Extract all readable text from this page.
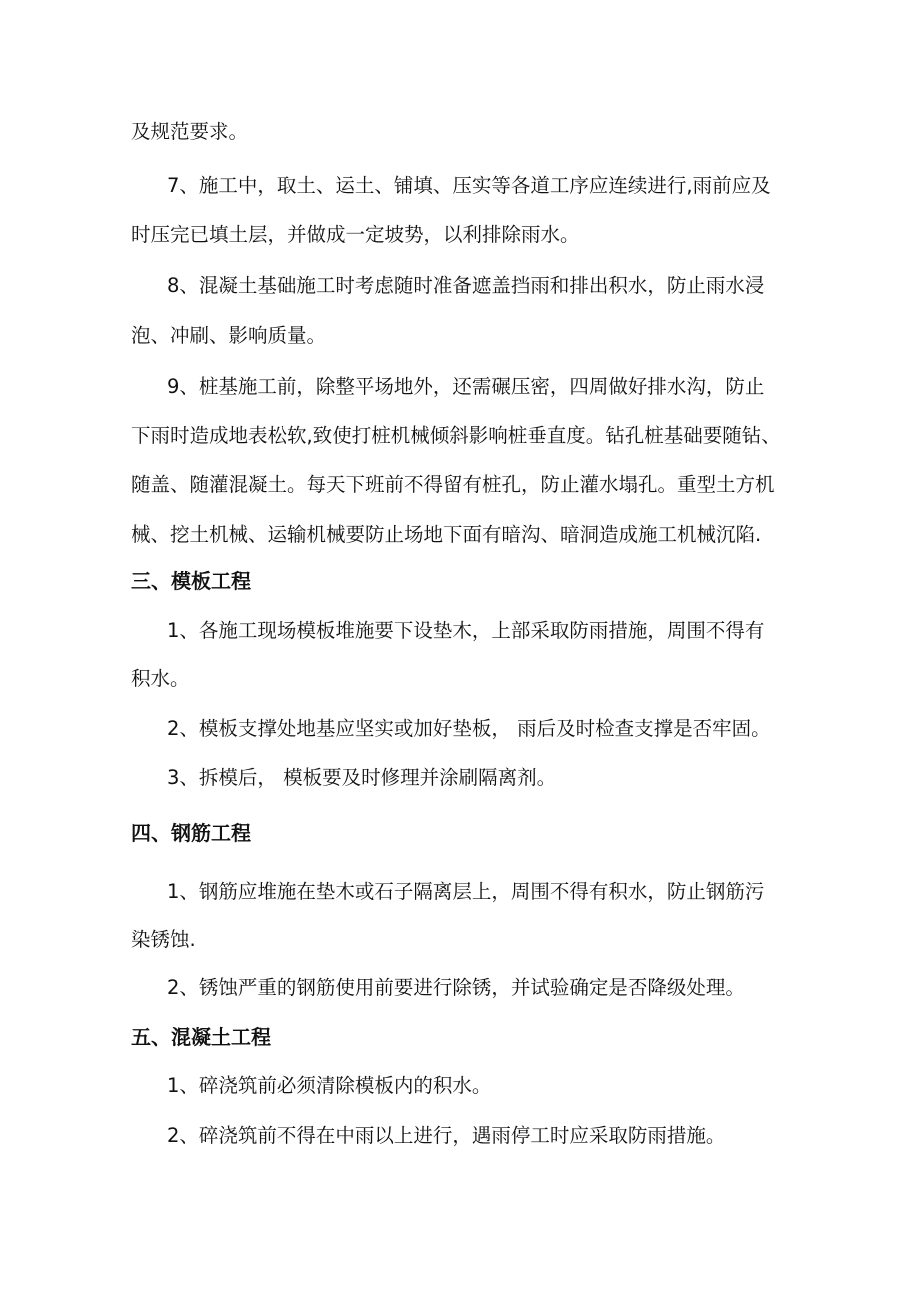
及规范要求。
7、施工中，取土、运土、铺填、压实等各道工序应连续进行,雨前应及
时压完已填土层，并做成一定坡势，以利排除雨水。
8、混凝土基础施工时考虑随时准备遮盖挡雨和排出积水，防止雨水浸
泡、冲刷、影响质量。
9、桩基施工前，除整平场地外，还需碾压密，四周做好排水沟，防止
下雨时造成地表松软,致使打桩机械倾斜影响桩垂直度。钻孔桩基础要随钻、
随盖、随灌混凝土。每天下班前不得留有桩孔，防止灌水塌孔。重型土方机
械、挖土机械、运输机械要防止场地下面有暗沟、暗洞造成施工机械沉陷.
三、模板工程
1、各施工现场模板堆施要下设垫木，上部采取防雨措施，周围不得有
积水。
2、模板支撑处地基应坚实或加好垫板， 雨后及时检查支撑是否牢固。
3、拆模后， 模板要及时修理并涂刷隔离剂。
四、钢筋工程
1、钢筋应堆施在垫木或石子隔离层上，周围不得有积水，防止钢筋污
染锈蚀.
2、锈蚀严重的钢筋使用前要进行除锈，并试验确定是否降级处理。
五、混凝土工程
1、碎浇筑前必须清除模板内的积水。
2、碎浇筑前不得在中雨以上进行，遇雨停工时应采取防雨措施。
